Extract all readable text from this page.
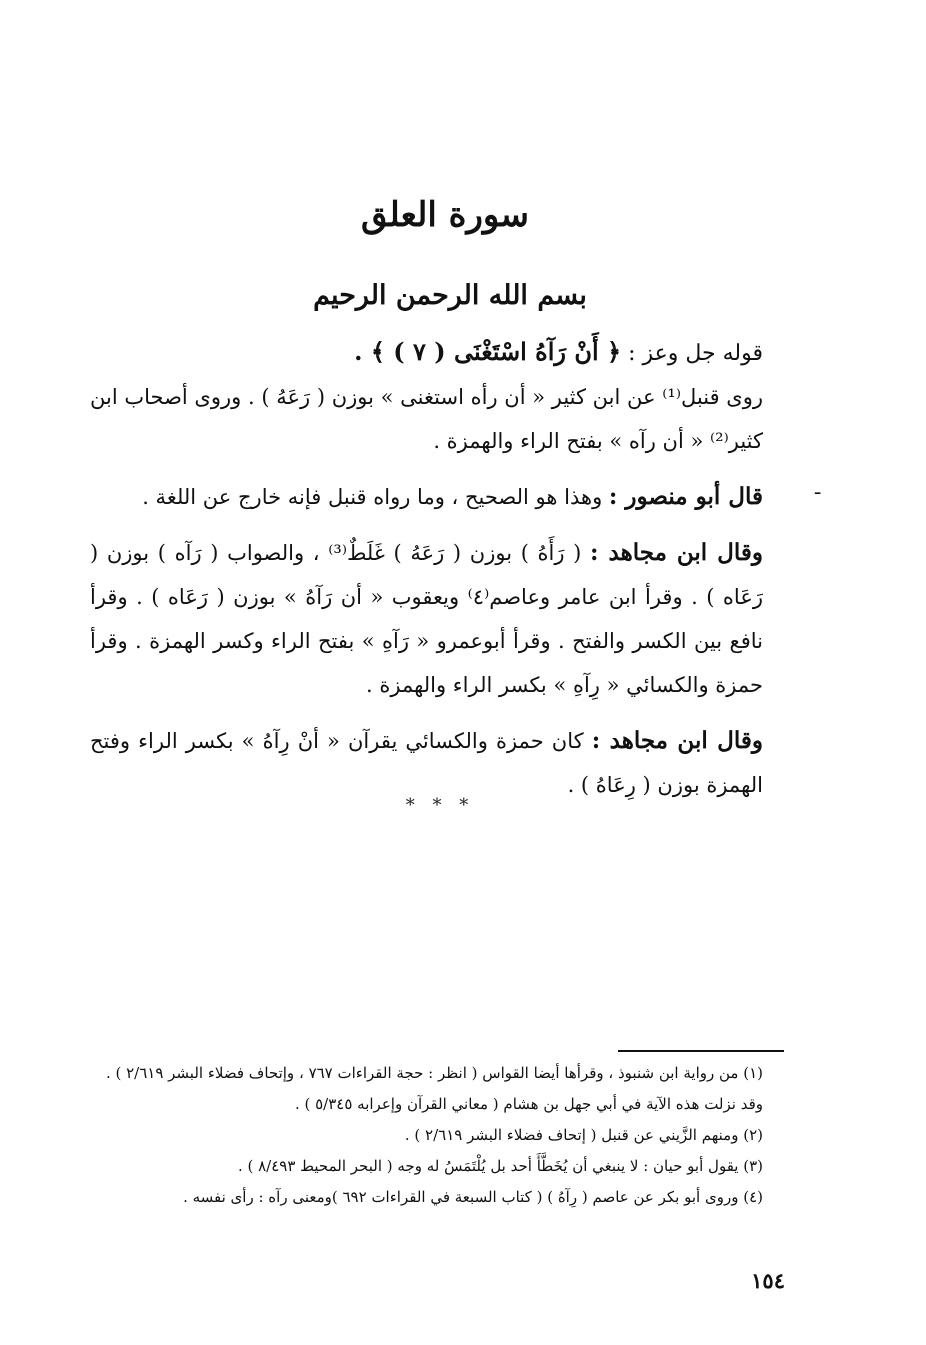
سورة العلق
بسم الله الرحمن الرحيم
قوله جل وعز : ﴿ أَنْ رَآهُ اسْتَغْنَى ( ٧ ) ﴾ .

روى قنبل⁽¹⁾ عن ابن كثير « أن رأه استغنى » بوزن ( رَعَهُ ) . وروى أصحاب ابن كثير⁽²⁾ « أن رآه » بفتح الراء والهمزة .

قال أبو منصور : وهذا هو الصحيح ، وما رواه قنبل فإنه خارج عن اللغة .

وقال ابن مجاهد : ( رَأَهُ ) بوزن ( رَعَهُ ) غَلَطٌ⁽³⁾ ، والصواب ( رَآه ) بوزن ( رَعَاه ) . وقرأ ابن عامر وعاصم⁽٤⁾ ويعقوب « أن رَآهُ » بوزن ( رَعَاه ) . وقرأ نافع بين الكسر والفتح . وقرأ أبوعمرو « رَآهِ » بفتح الراء وكسر الهمزة . وقرأ حمزة والكسائي « رِآهِ » بكسر الراء والهمزة .

وقال ابن مجاهد : كان حمزة والكسائي يقرآن « أنْ رِآهُ » بكسر الراء وفتح الهمزة بوزن ( رِعَاهُ ) .

ـ
* * *

(١) من رواية ابن شنبوذ ، وقرأها أيضا القواس ( انظر : حجة القراءات ٧٦٧ ، وإتحاف فضلاء البشر ٢/٦١٩ ) .

وقد نزلت هذه الآية في أبي جهل بن هشام ( معاني القرآن وإعرابه ٥/٣٤٥ ) .

(٢) ومنهم الزَّيني عن قنبل ( إتحاف فضلاء البشر ٢/٦١٩ ) .

(٣) يقول أبو حيان : لا ينبغي أن يُخَطَّأَ أحد بل يُلْتَمَسُ له وجه ( البحر المحيط ٨/٤٩٣ ) .

(٤) وروى أبو بكر عن عاصم ( رِآهُ ) ( كتاب السبعة في القراءات ٦٩٢ )ومعنى رآه : رأى نفسه .

١٥٤
